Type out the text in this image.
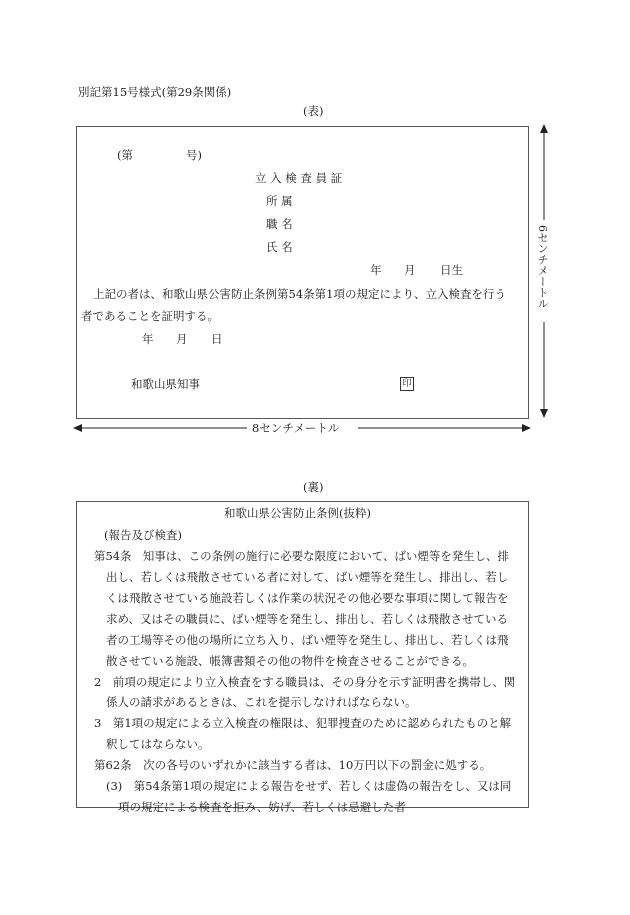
別記第15号様式(第29条関係)
(表)
(第	号)
立 入 検 査 員 証
所 属
職 名
氏 名
年 月 日生
上記の者は、和歌山県公害防止条例第54条第1項の規定により、立入検査を行う
者であることを証明する。
年 月 日
和歌山県知事	印
6センチメートル
8センチメートル
(裏)
和歌山県公害防止条例(抜粋)
(報告及び検査)
第54条　知事は、この条例の施行に必要な限度において、ばい煙等を発生し、排
出し、若しくは飛散させている者に対して、ばい煙等を発生し、排出し、若し
くは飛散させている施設若しくは作業の状況その他必要な事項に関して報告を
求め、又はその職員に、ばい煙等を発生し、排出し、若しくは飛散させている
者の工場等その他の場所に立ち入り、ばい煙等を発生し、排出し、若しくは飛
散させている施設、帳簿書類その他の物件を検査させることができる。
2　前項の規定により立入検査をする職員は、その身分を示す証明書を携帯し、関
係人の請求があるときは、これを提示しなければならない。
3　第1項の規定による立入検査の権限は、犯罪捜査のために認められたものと解
釈してはならない。
第62条　次の各号のいずれかに該当する者は、10万円以下の罰金に処する。
(3)　第54条第1項の規定による報告をせず、若しくは虚偽の報告をし、又は同
項の規定による検査を拒み、妨げ、若しくは忌避した者
